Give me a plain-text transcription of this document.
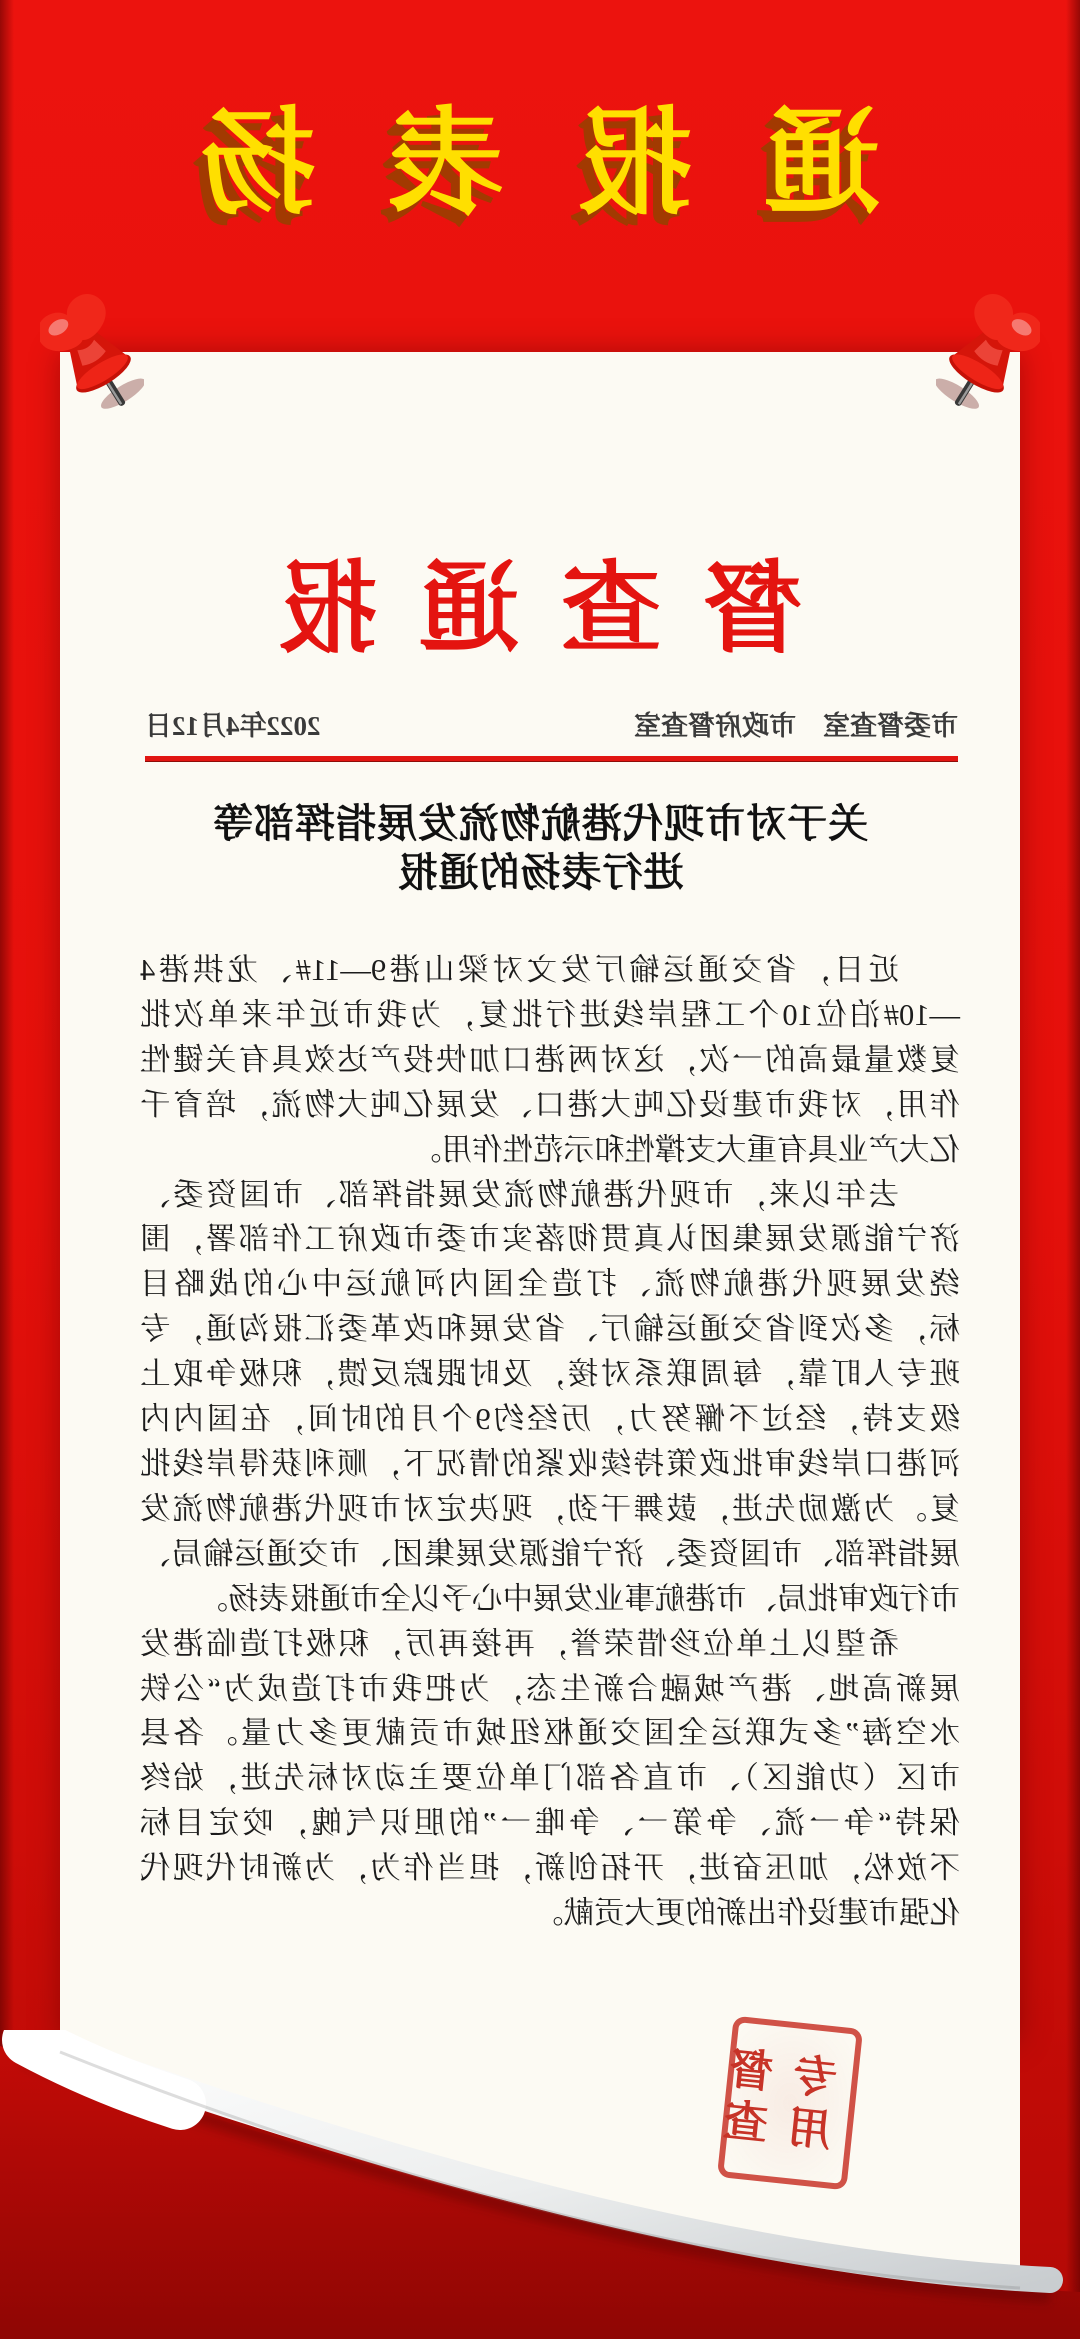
通报表扬
督查通报
市委督查室　市政府督查室
2022年4月12日
关于对市现代港航物流发展指挥部等
进行表扬的通报
近日，省交通运输厅发文对梁山港9—11#、龙拱港4
—10#泊位10个工程岸线进行批复，为我市近年来单次批
复数量最高的一次，这对两港口加快投产达效具有关键性
作用，对我市建设亿吨大港口、发展亿吨大物流，培育千
亿大产业具有重大支撑性和示范性作用。
去年以来，市现代港航物流发展指挥部、市国资委、
济宁能源发展集团认真贯彻落实市委市政府工作部署，围
绕发展现代港航物流、打造全国内河航运中心的战略目
标，多次到省交通运输厅、省发展和改革委汇报沟通，专
班专人盯靠，每周联系对接，及时跟踪反馈，积极争取上
级支持，经过不懈努力，历经约9个月的时间，在国内内
河港口岸线审批政策持续收紧的情况下，顺利获得岸线批
复。为激励先进，鼓舞干劲，现决定对市现代港航物流发
展指挥部、市国资委、济宁能源发展集团、市交通运输局、
市行政审批局、市港航事业发展中心予以全市通报表扬。
希望以上单位珍惜荣誉，再接再厉，积极打造临港发
展新高地、港产城融合新生态，为把我市打造成为“公铁
水空海”多式联运全国交通枢纽城市贡献更多力量。各县
市区（功能区）、市直各部门单位要主动对标先进，始终
保持“争一流、争第一、争唯一”的胆识气魄，咬定目标
不放松，加压奋进，开拓创新，担当作为，为新时代现代
化强市建设作出新的更大贡献。
督查 专用
